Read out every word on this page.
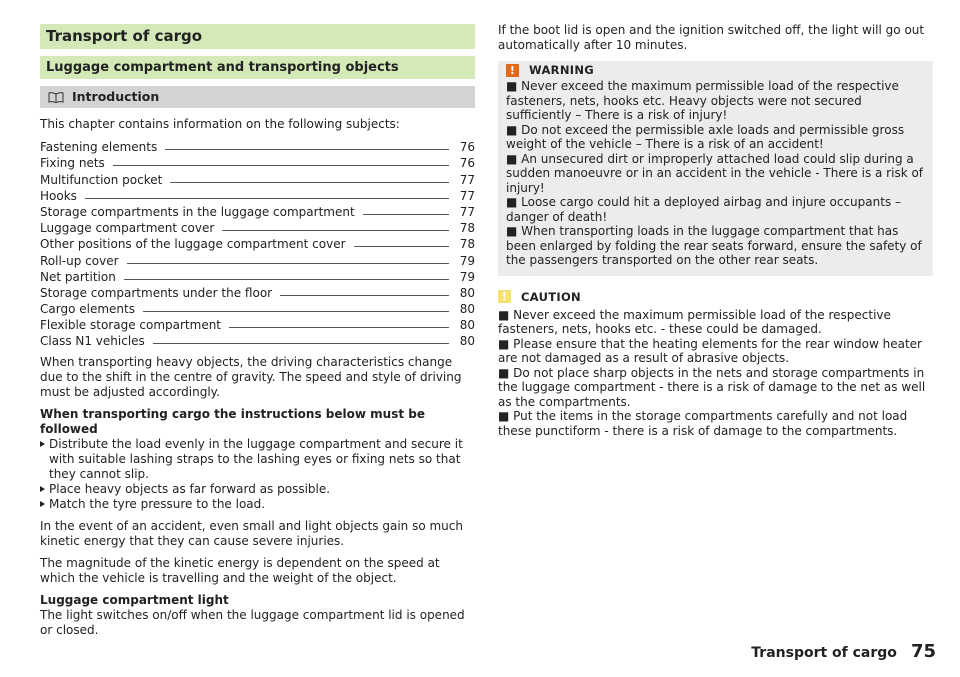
Transport of cargo
Luggage compartment and transporting objects
Introduction

This chapter contains information on the following subjects:

Fastening elements	76
Fixing nets	76
Multifunction pocket	77
Hooks	77
Storage compartments in the luggage compartment	77
Luggage compartment cover	78
Other positions of the luggage compartment cover	78
Roll-up cover	79
Net partition	79
Storage compartments under the floor	80
Cargo elements	80
Flexible storage compartment	80
Class N1 vehicles	80

When transporting heavy objects, the driving characteristics change due to the shift in the centre of gravity. The speed and style of driving must be adjusted accordingly.

When transporting cargo the instructions below must be followed

Distribute the load evenly in the luggage compartment and secure it with suitable lashing straps to the lashing eyes or fixing nets so that they cannot slip.
Place heavy objects as far forward as possible.
Match the tyre pressure to the load.

In the event of an accident, even small and light objects gain so much kinetic energy that they can cause severe injuries.

The magnitude of the kinetic energy is dependent on the speed at which the vehicle is travelling and the weight of the object.

Luggage compartment light

The light switches on/off when the luggage compartment lid is opened or closed.

If the boot lid is open and the ignition switched off, the light will go out automatically after 10 minutes.

!	WARNING
■ Never exceed the maximum permissible load of the respective fasteners, nets, hooks etc. Heavy objects were not secured sufficiently – There is a risk of injury!
■ Do not exceed the permissible axle loads and permissible gross weight of the vehicle – There is a risk of an accident!
■ An unsecured dirt or improperly attached load could slip during a sudden manoeuvre or in an accident in the vehicle - There is a risk of injury!
■ Loose cargo could hit a deployed airbag and injure occupants – danger of death!
■ When transporting loads in the luggage compartment that has been enlarged by folding the rear seats forward, ensure the safety of the passengers transported on the other rear seats.
!	CAUTION
■ Never exceed the maximum permissible load of the respective fasteners, nets, hooks etc. - these could be damaged.
■ Please ensure that the heating elements for the rear window heater are not damaged as a result of abrasive objects.
■ Do not place sharp objects in the nets and storage compartments in the luggage compartment - there is a risk of damage to the net as well as the compartments.
■ Put the items in the storage compartments carefully and not load these punctiform - there is a risk of damage to the compartments.
Transport of cargo 75
